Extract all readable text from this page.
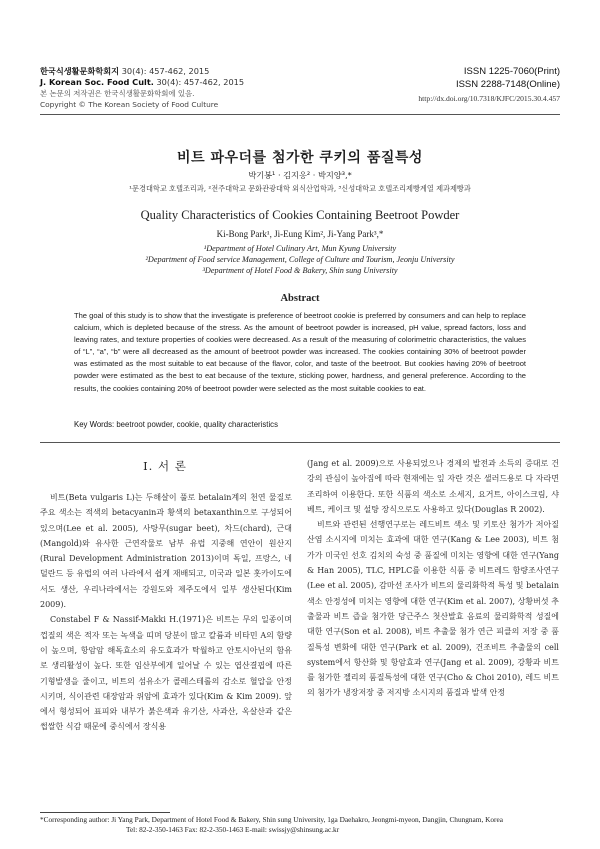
한국식생활문화학회지 30(4): 457-462, 2015
J. Korean Soc. Food Cult. 30(4): 457-462, 2015
본 논문의 저작권은 한국식생활문화학회에 있음.
Copyright © The Korean Society of Food Culture
ISSN 1225-7060(Print)
ISSN 2288-7148(Online)
http://dx.doi.org/10.7318/KJFC/2015.30.4.457
비트 파우더를 첨가한 쿠키의 품질특성
박기봉¹ · 김지응² · 박지양³,*
¹문경대학교 호텔조리과, ²전주대학교 문화관광대학 외식산업학과, ³신성대학교 호텔조리제빵계열 제과제빵과
Quality Characteristics of Cookies Containing Beetroot Powder
Ki-Bong Park¹, Ji-Eung Kim², Ji-Yang Park³,*
¹Department of Hotel Culinary Art, Mun Kyung University
²Department of Food service Management, College of Culture and Tourism, Jeonju University
³Department of Hotel Food & Bakery, Shin sung University
Abstract
The goal of this study is to show that the investigate is preference of beetroot cookie is preferred by consumers and can help to replace calcium, which is depleted because of the stress. As the amount of beetroot powder is increased, pH value, spread factors, loss and leaving rates, and texture properties of cookies were decreased. As a result of the measuring of colorimetric characteristics, the values of “L”, “a”, “b” were all decreased as the amount of beetroot powder was increased. The cookies containing 30% of beetroot powder was estimated as the most suitable to eat because of the flavor, color, and taste of the beetroot. But cookies having 20% of beetroot powder were estimated as the best to eat because of the texture, sticking power, hardness, and general preference. According to the results, the cookies containing 20% of beetroot powder were selected as the most suitable cookies to eat.
Key Words: beetroot powder, cookie, quality characteristics
Ⅰ. 서 론

비트(Beta vulgaris L)는 두해살이 풀로 betalain계의 천연 물질로 주요 색소는 적색의 betacyanin과 황색의 betaxanthin으로 구성되어 있으며(Lee et al. 2005), 사탕무(sugar beet), 차드(chard), 근대(Mangold)와 유사한 근연작물로 남부 유럽 지중해 연안이 원산지(Rural Development Administration 2013)이며 독일, 프랑스, 네덜란드 등 유럽의 여러 나라에서 쉽게 재배되고, 미국과 일본 홋카이도에서도 생산, 우리나라에서는 강원도와 제주도에서 일부 생산된다(Kim 2009).

Constabel F & Nassif-Makki H.(1971)은 비트는 무의 일종이며 껍질의 색은 적자 또는 녹색을 띠며 당분이 많고 칼륨과 비타민 A의 함량이 높으며, 항암암 해독효소의 유도효과가 탁월하고 안토시아닌의 함유로 생리활성이 높다. 또한 임산부에게 일어날 수 있는 엽산결핍에 따른 기형발생을 줄이고, 비트의 섬유소가 콜레스테롤의 감소로 혈압을 안정시키며, 식이관련 대장암과 위암에 효과가 있다(Kim & Kim 2009). 앞에서 형성되어 표피와 내부가 붉은색과 유기산, 사과산, 옥살산과 같은 썹쌀한 식감 때문에 중식에서 장식용

(Jang et al. 2009)으로 사용되었으나 경제의 발전과 소득의 증대로 건강의 관심이 높아짐에 따라 현재에는 잎 자란 것은 샐러드용로 다 자라면 조리하여 이용한다. 또한 식품의 색소로 소세지, 요거트, 아이스크림, 샤베트, 케이크 및 설탕 장식으로도 사용하고 있다(Douglas R 2002).

비트와 관련된 선행연구로는 레드비트 색소 및 키토산 첨가가 저아질산염 소시지에 미치는 효과에 대한 연구(Kang & Lee 2003), 비트 첨가가 미국인 선호 김치의 숙성 중 품질에 미치는 영향에 대한 연구(Yang & Han 2005), TLC, HPLC를 이용한 식품 중 비트레드 함량조사연구(Lee et al. 2005), 감마선 조사가 비트의 물리화학적 특성 및 betalain 색소 안정성에 미치는 영향에 대한 연구(Kim et al. 2007), 상황버섯 추출물과 비트 즙을 첨가한 당근주스 첫산발효 음료의 물리화학적 성질에 대한 연구(Son et al. 2008), 비트 추출물 첨가 연근 피클의 저장 중 품질특성 변화에 대한 연구(Park et al. 2009), 건조비트 추출물의 cell system에서 항산화 및 항암효과 연구(Jang et al. 2009), 강황과 비트를 첨가한 젤리의 품질특성에 대한 연구(Cho & Choi 2010), 레드 비트의 첨가가 냉장저장 중 저지방 소시지의 품질과 발색 안정

*Corresponding author: Ji Yang Park, Department of Hotel Food & Bakery, Shin sung University, 1ga Daehakro, Jeongmi-myeon, Dangjin, Chungnam, Korea
Tel: 82-2-350-1463 Fax: 82-2-350-1463 E-mail: swissjy@shinsung.ac.kr
